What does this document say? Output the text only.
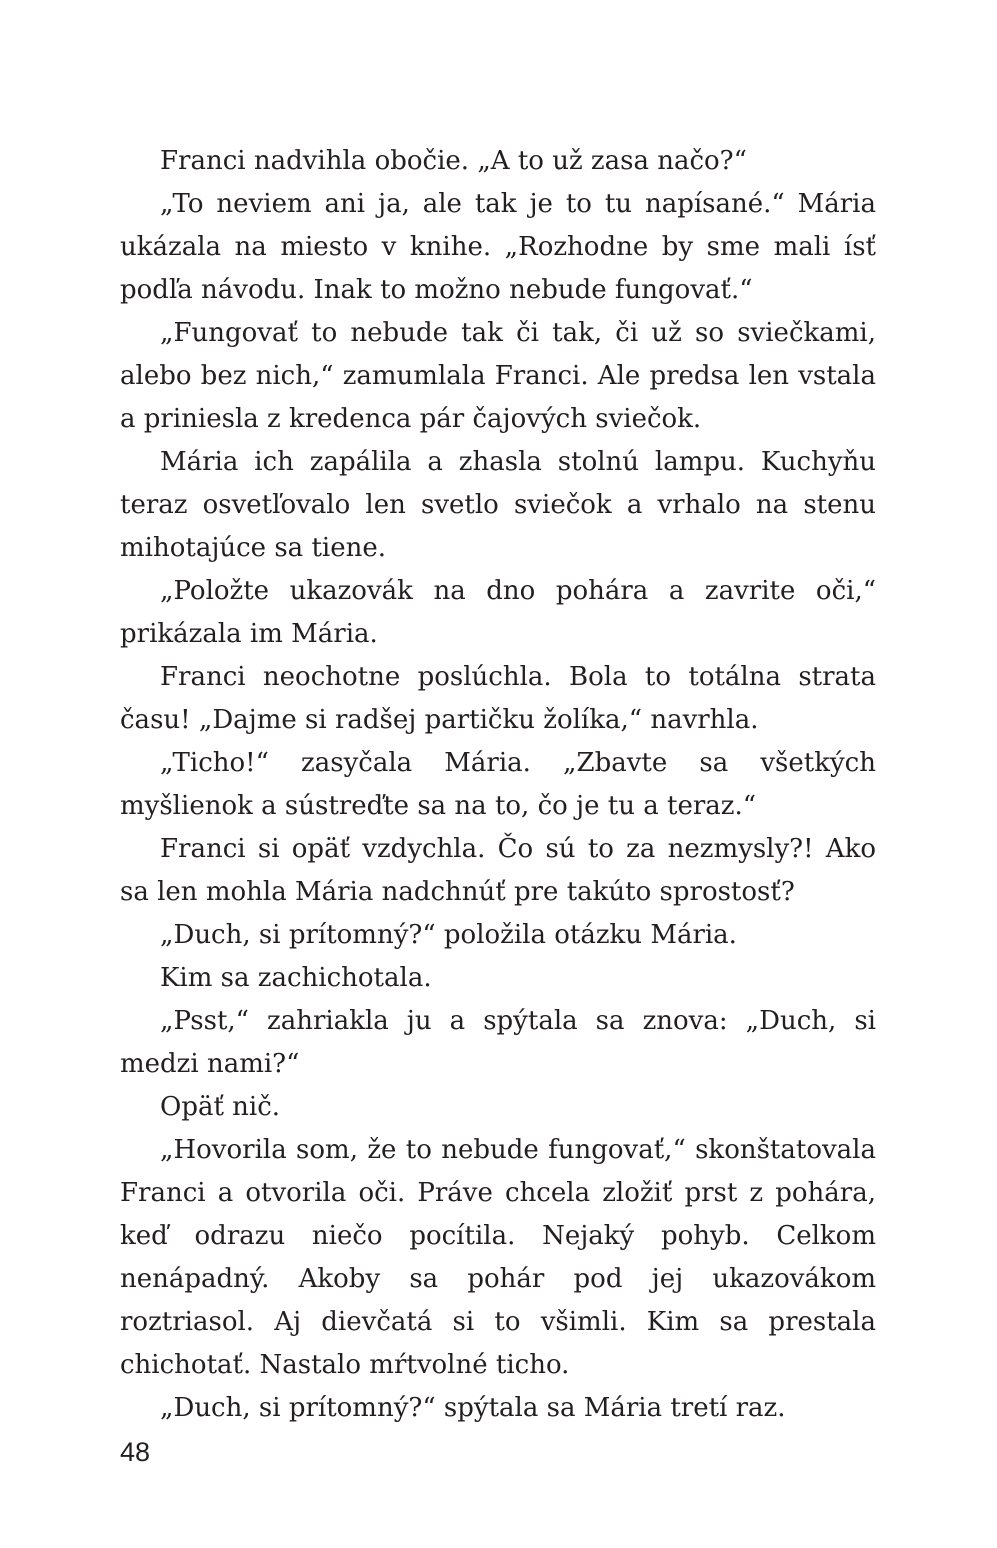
Franci nadvihla obočie. „A to už zasa načo?“

„To neviem ani ja, ale tak je to tu napísané.“ Mária ukázala na miesto v knihe. „Rozhodne by sme mali ísť podľa návodu. Inak to možno nebude fungovať.“

„Fungovať to nebude tak či tak, či už so sviečkami, alebo bez nich,“ zamumlala Franci. Ale predsa len vstala a priniesla z kredenca pár čajových sviečok.

Mária ich zapálila a zhasla stolnú lampu. Kuchyňu teraz osvetľovalo len svetlo sviečok a vrhalo na stenu mihotajúce sa tiene.

„Položte ukazovák na dno pohára a zavrite oči,“ prikázala im Mária.

Franci neochotne poslúchla. Bola to totálna strata času! „Dajme si radšej partičku žolíka,“ navrhla.

„Ticho!“ zasyčala Mária. „Zbavte sa všetkých myšlienok a sústreďte sa na to, čo je tu a teraz.“

Franci si opäť vzdychla. Čo sú to za nezmysly?! Ako sa len mohla Mária nadchnúť pre takúto sprostosť?

„Duch, si prítomný?“ položila otázku Mária.

Kim sa zachichotala.

„Psst,“ zahriakla ju a spýtala sa znova: „Duch, si medzi nami?“

Opäť nič.

„Hovorila som, že to nebude fungovať,“ skonštatovala Franci a otvorila oči. Práve chcela zložiť prst z pohára, keď odrazu niečo pocítila. Nejaký pohyb. Celkom nenápadný. Akoby sa pohár pod jej ukazovákom roztriasol. Aj dievčatá si to všimli. Kim sa prestala chichotať. Nastalo mŕtvolné ticho.

„Duch, si prítomný?“ spýtala sa Mária tretí raz.

48
